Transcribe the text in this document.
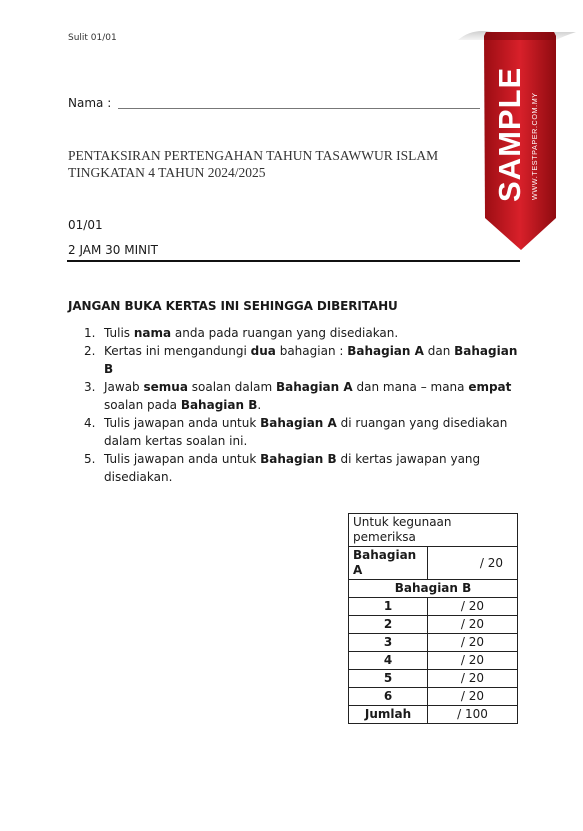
Sulit 01/01
Nama :
PENTAKSIRAN PERTENGAHAN TAHUN TASAWWUR ISLAM
TINGKATAN 4 TAHUN 2024/2025
01/01
2 JAM 30 MINIT
JANGAN BUKA KERTAS INI SEHINGGA DIBERITAHU
1. Tulis nama anda pada ruangan yang disediakan.
2. Kertas ini mengandungi dua bahagian : Bahagian A dan Bahagian B
3. Jawab semua soalan dalam Bahagian A dan mana – mana empat soalan pada Bahagian B.
4. Tulis jawapan anda untuk Bahagian A di ruangan yang disediakan dalam kertas soalan ini.
5. Tulis jawapan anda untuk Bahagian B di kertas jawapan yang disediakan.
Untuk kegunaan pemeriksa	
Bahagian A	/ 20
Bahagian B	
1	/ 20
2	/ 20
3	/ 20
4	/ 20
5	/ 20
6	/ 20
Jumlah	/ 100
SAMPLE WWW.TESTPAPER.COM.MY
